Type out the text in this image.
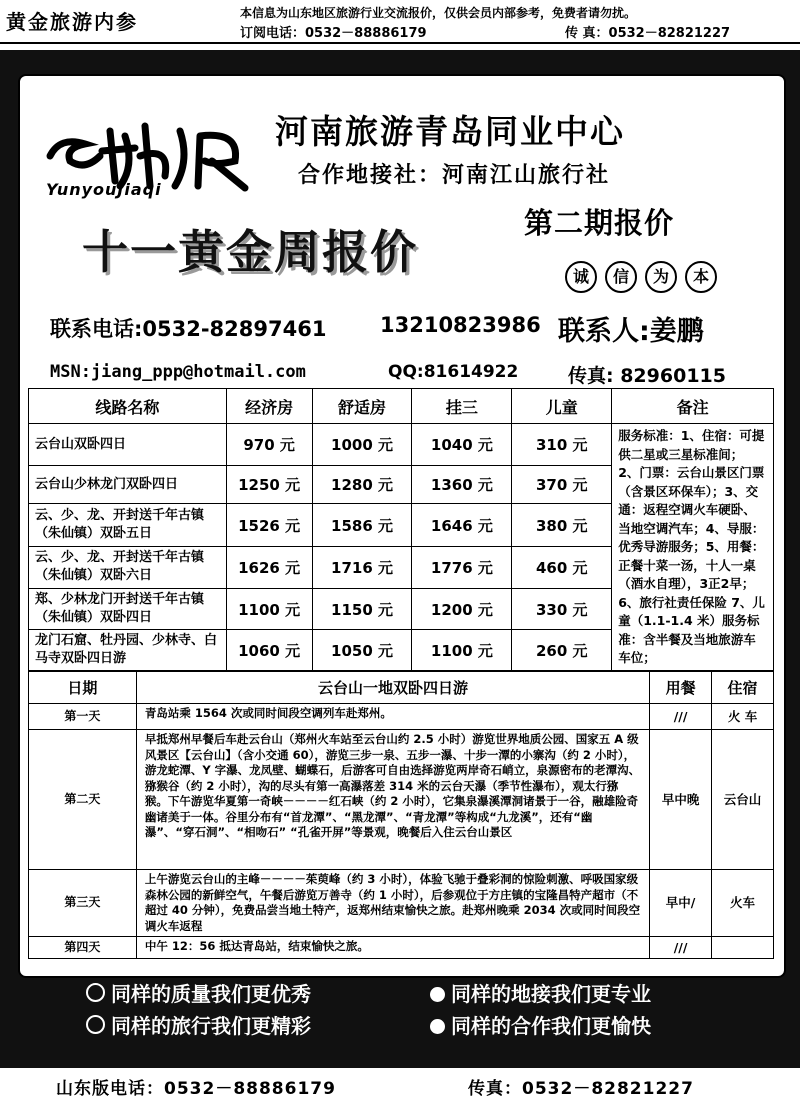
黄金旅游内参	本信息为山东地区旅游行业交流报价，仅供会员内部参考，免费者请勿扰。
订阅电话：0532－88886179	传 真：0532－82821227
YunyouJiaqi
河南旅游青岛同业中心
合作地接社：河南江山旅行社
第二期报价
十一黄金周报价	诚	信	为	本
联系电话:0532-82897461	13210823986 联系人:姜鹏
MSN:jiang_ppp@hotmail.com	QQ:81614922	传真: 82960115
线路名称	经济房	舒适房	挂三	儿童	备注
云台山双卧四日	970 元	1000 元	1040 元	310 元	服务标准：1、住宿：可提供二星或三星标准间； 2、门票：云台山景区门票（含景区环保车）；3、交通：返程空调火车硬卧、当地空调汽车；4、导服：优秀导游服务；5、用餐：正餐十菜一汤，十人一桌（酒水自理），3正2早；6、旅行社责任保险 7、儿童（1.1-1.4 米）服务标准：含半餐及当地旅游车车位；
云台山少林龙门双卧四日	1250 元	1280 元	1360 元	370 元	
云、少、龙、开封送千年古镇（朱仙镇）双卧五日	1526 元	1586 元	1646 元	380 元	
云、少、龙、开封送千年古镇（朱仙镇）双卧六日	1626 元	1716 元	1776 元	460 元	
郑、少林龙门开封送千年古镇（朱仙镇）双卧四日	1100 元	1150 元	1200 元	330 元	
龙门石窟、牡丹园、少林寺、白马寺双卧四日游	1060 元	1050 元	1100 元	260 元	
日期	云台山一地双卧四日游	用餐	住宿
第一天	青岛站乘 1564 次或同时间段空调列车赴郑州。	///	火 车
第二天	早抵郑州早餐后车赴云台山（郑州火车站至云台山约 2.5 小时）游览世界地质公园、国家五 A 级风景区【云台山】（含小交通 60），游览三步一泉、五步一瀑、十步一潭的小寨沟（约 2 小时），游龙蛇潭、Y 字瀑、龙凤壁、蝴蝶石，后游客可自由选择游览两岸奇石峭立，泉源密布的老潭沟、猕猴谷（约 2 小时），沟的尽头有第一高瀑落差 314 米的云台天瀑（季节性瀑布），观太行猕猴。下午游览华夏第一奇峡－－－－红石峡（约 2 小时），它集泉瀑溪潭洞诸景于一谷，融雄险奇幽诸美于一体。谷里分布有“首龙潭”、“黑龙潭”、“青龙潭”等构成“九龙溪”，还有“幽瀑”、“穿石洞”、“相吻石” “孔雀开屏”等景观，晚餐后入住云台山景区	早中晚	云台山
第三天	上午游览云台山的主峰－－－－茱萸峰（约 3 小时），体验飞驰于叠彩洞的惊险刺激、呼吸国家级森林公园的新鲜空气，午餐后游览万善寺（约 1 小时），后参观位于方庄镇的宝隆昌特产超市（不超过 40 分钟），免费品尝当地土特产，返郑州结束愉快之旅。赴郑州晚乘 2034 次或同时间段空调火车返程	早中/	火车
第四天	中午 12：56 抵达青岛站，结束愉快之旅。	///	
同样的质量我们更优秀	同样的地接我们更专业
同样的旅行我们更精彩	同样的合作我们更愉快
山东版电话：0532－88886179	传真：0532－82821227
